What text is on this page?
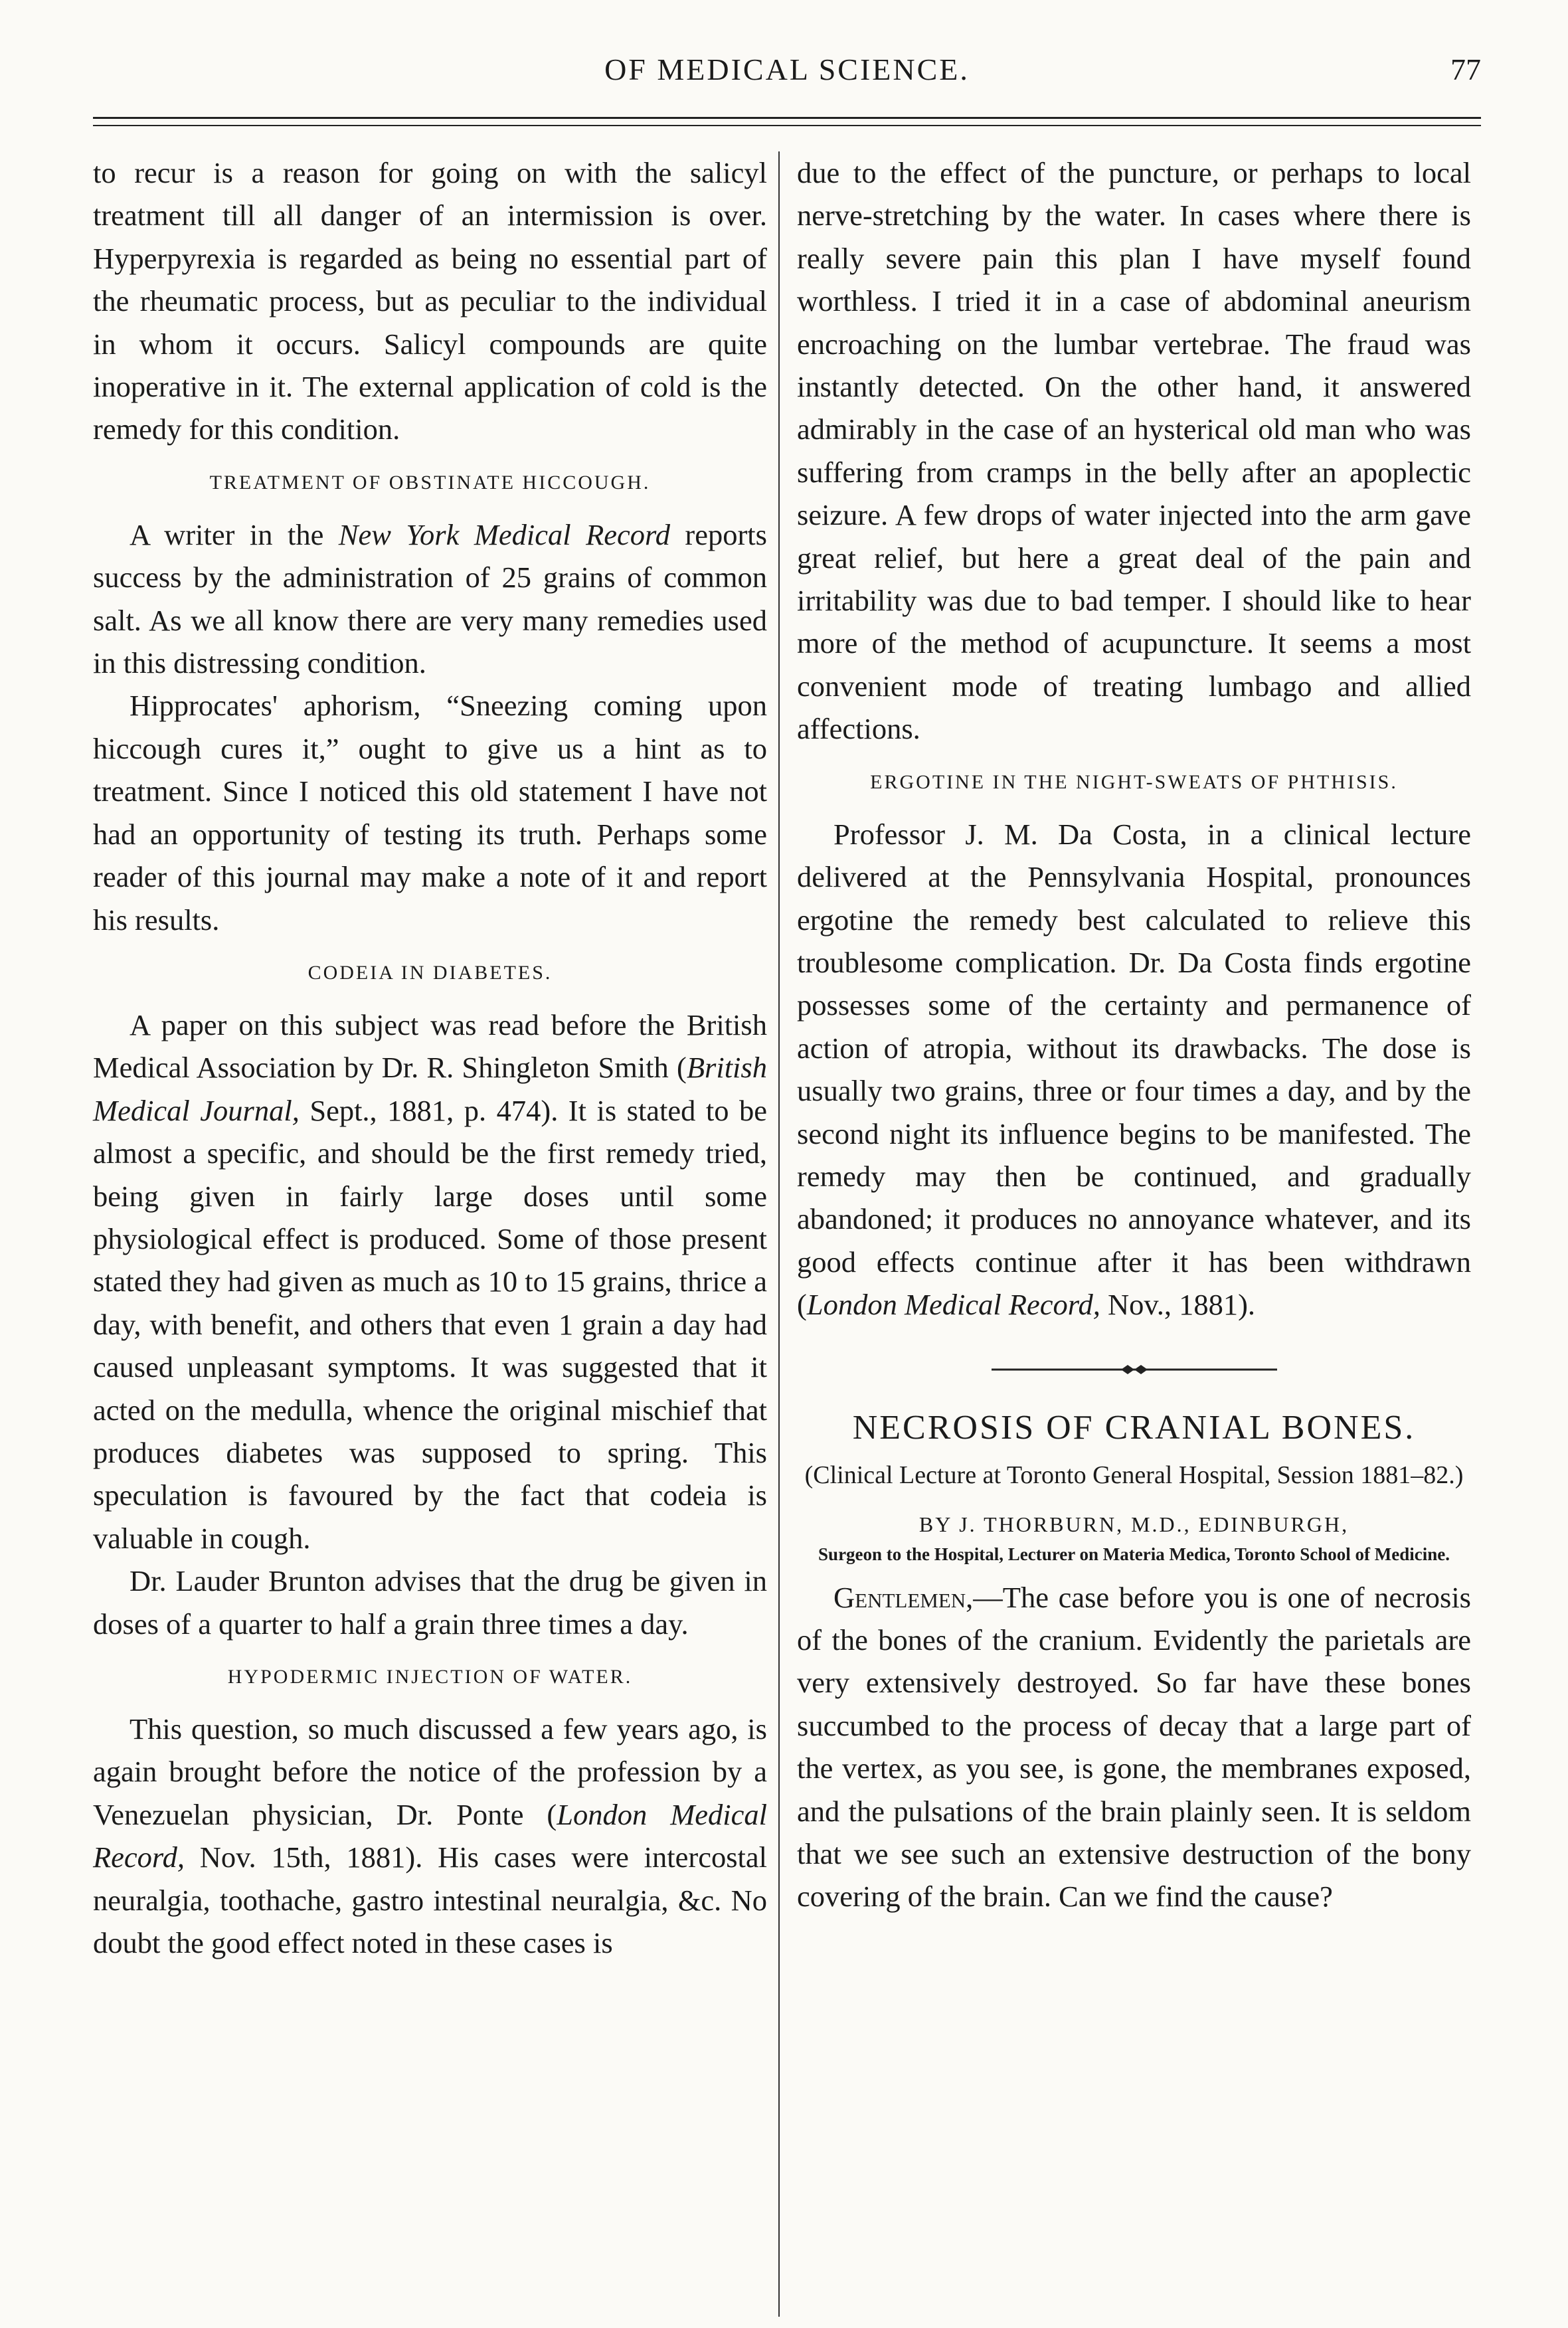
OF MEDICAL SCIENCE.	77

to recur is a reason for going on with the salicyl treatment till all danger of an intermission is over. Hyperpyrexia is regarded as being no essential part of the rheumatic process, but as peculiar to the individual in whom it occurs. Salicyl compounds are quite inoperative in it. The external application of cold is the remedy for this condition.

TREATMENT OF OBSTINATE HICCOUGH.

A writer in the New York Medical Record reports success by the administration of 25 grains of common salt. As we all know there are very many remedies used in this distressing condition.

Hipprocates' aphorism, “Sneezing coming upon hiccough cures it,” ought to give us a hint as to treatment. Since I noticed this old statement I have not had an opportunity of testing its truth. Perhaps some reader of this journal may make a note of it and report his results.

CODEIA IN DIABETES.

A paper on this subject was read before the British Medical Association by Dr. R. Shingleton Smith (British Medical Journal, Sept., 1881, p. 474). It is stated to be almost a specific, and should be the first remedy tried, being given in fairly large doses until some physiological effect is produced. Some of those present stated they had given as much as 10 to 15 grains, thrice a day, with benefit, and others that even 1 grain a day had caused unpleasant symptoms. It was suggested that it acted on the medulla, whence the original mischief that produces diabetes was supposed to spring. This speculation is favoured by the fact that codeia is valuable in cough.

Dr. Lauder Brunton advises that the drug be given in doses of a quarter to half a grain three times a day.

HYPODERMIC INJECTION OF WATER.

This question, so much discussed a few years ago, is again brought before the notice of the profession by a Venezuelan physician, Dr. Ponte (London Medical Record, Nov. 15th, 1881). His cases were intercostal neuralgia, toothache, gastro intestinal neuralgia, &c. No doubt the good effect noted in these cases is

due to the effect of the puncture, or perhaps to local nerve-stretching by the water. In cases where there is really severe pain this plan I have myself found worthless. I tried it in a case of abdominal aneurism encroaching on the lumbar vertebrae. The fraud was instantly detected. On the other hand, it answered admirably in the case of an hysterical old man who was suffering from cramps in the belly after an apoplectic seizure. A few drops of water injected into the arm gave great relief, but here a great deal of the pain and irritability was due to bad temper. I should like to hear more of the method of acupuncture. It seems a most convenient mode of treating lumbago and allied affections.

ERGOTINE IN THE NIGHT-SWEATS OF PHTHISIS.

Professor J. M. Da Costa, in a clinical lecture delivered at the Pennsylvania Hospital, pronounces ergotine the remedy best calculated to relieve this troublesome complication. Dr. Da Costa finds ergotine possesses some of the certainty and permanence of action of atropia, without its drawbacks. The dose is usually two grains, three or four times a day, and by the second night its influence begins to be manifested. The remedy may then be continued, and gradually abandoned; it produces no annoyance whatever, and its good effects continue after it has been withdrawn (London Medical Record, Nov., 1881).

NECROSIS OF CRANIAL BONES.
(Clinical Lecture at Toronto General Hospital, Session 1881–82.)
BY J. THORBURN, M.D., EDINBURGH,
Surgeon to the Hospital, Lecturer on Materia Medica, Toronto School of Medicine.

Gentlemen,—The case before you is one of necrosis of the bones of the cranium. Evidently the parietals are very extensively destroyed. So far have these bones succumbed to the process of decay that a large part of the vertex, as you see, is gone, the membranes exposed, and the pulsations of the brain plainly seen. It is seldom that we see such an extensive destruction of the bony covering of the brain. Can we find the cause?
